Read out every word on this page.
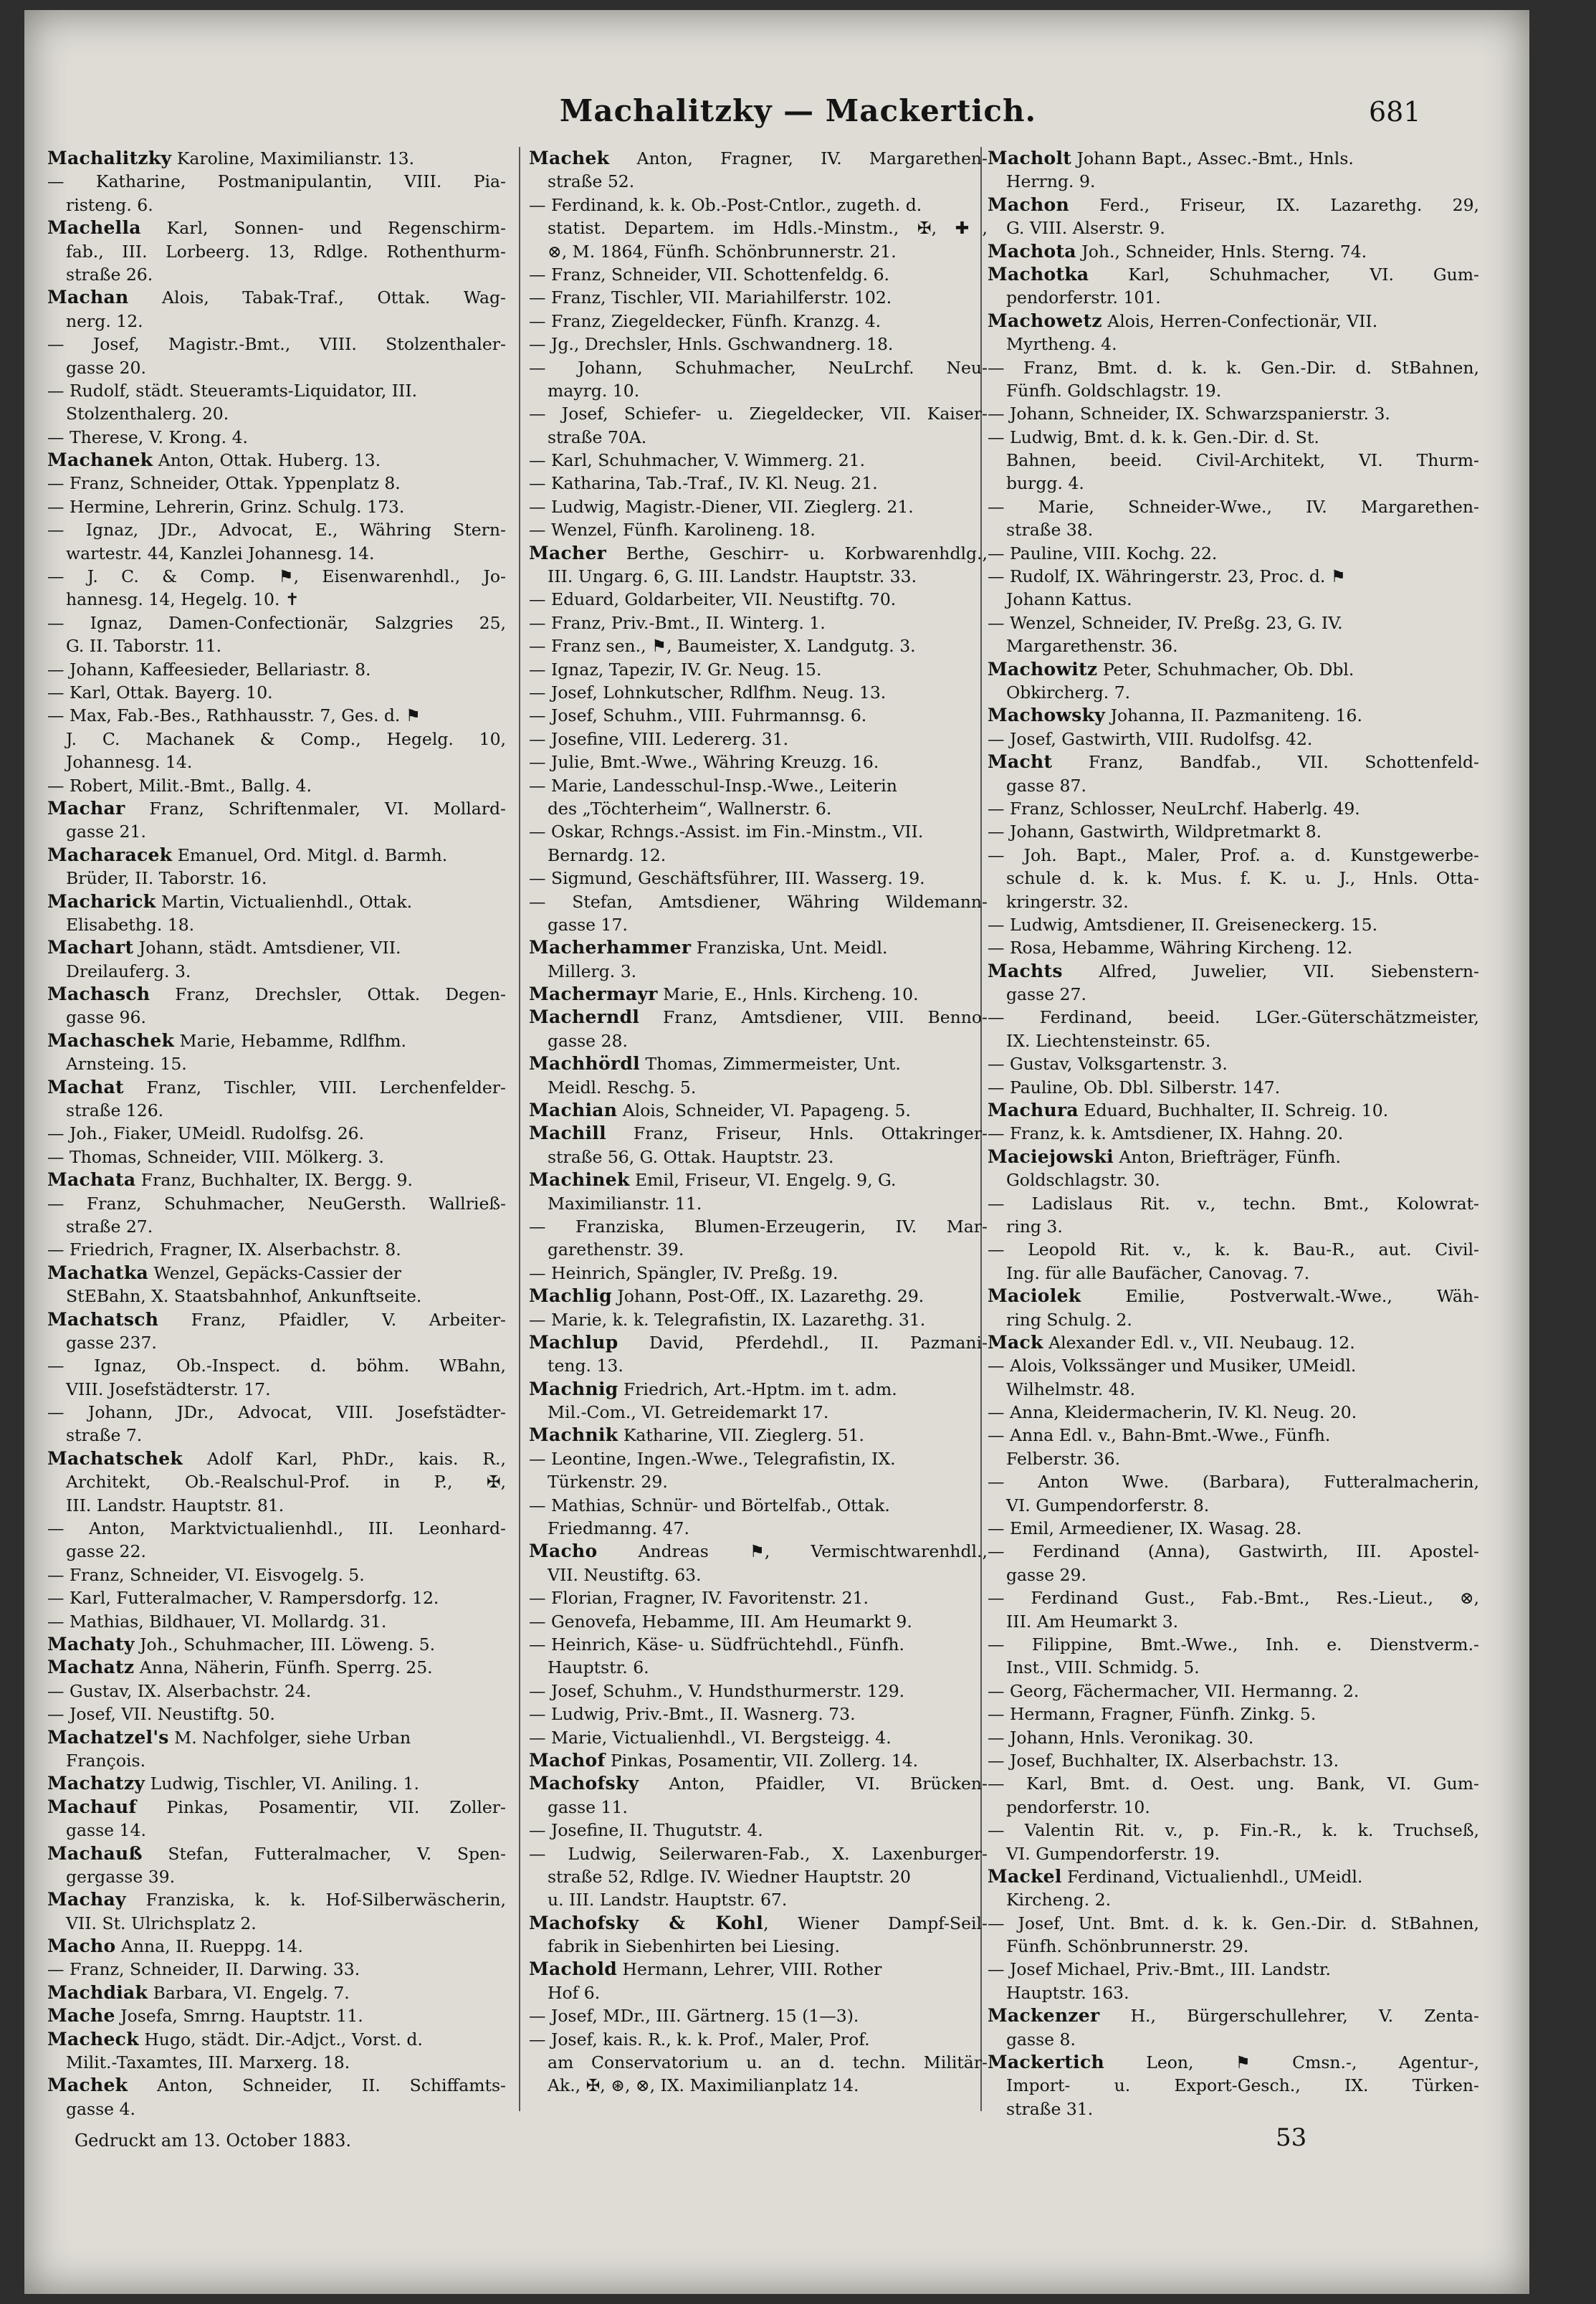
Machalitzky — Mackertich.	681
Machalitzky Karoline, Maximilianstr. 13.
— Katharine, Postmanipulantin, VIII. Pia-
risteng. 6.
Machella Karl, Sonnen- und Regenschirm-
fab., III. Lorbeerg. 13, Rdlge. Rothenthurm-
straße 26.
Machan Alois, Tabak-Traf., Ottak. Wag-
nerg. 12.
— Josef, Magistr.-Bmt., VIII. Stolzenthaler-
gasse 20.
— Rudolf, städt. Steueramts-Liquidator, III.
Stolzenthalerg. 20.
— Therese, V. Krong. 4.
Machanek Anton, Ottak. Huberg. 13.
— Franz, Schneider, Ottak. Yppenplatz 8.
— Hermine, Lehrerin, Grinz. Schulg. 173.
— Ignaz, JDr., Advocat, E., Währing Stern-
wartestr. 44, Kanzlei Johannesg. 14.
— J. C. & Comp. ⚑, Eisenwarenhdl., Jo-
hannesg. 14, Hegelg. 10. ✝
— Ignaz, Damen-Confectionär, Salzgries 25,
G. II. Taborstr. 11.
— Johann, Kaffeesieder, Bellariastr. 8.
— Karl, Ottak. Bayerg. 10.
— Max, Fab.-Bes., Rathhausstr. 7, Ges. d. ⚑
J. C. Machanek & Comp., Hegelg. 10,
Johannesg. 14.
— Robert, Milit.-Bmt., Ballg. 4.
Machar Franz, Schriftenmaler, VI. Mollard-
gasse 21.
Macharacek Emanuel, Ord. Mitgl. d. Barmh.
Brüder, II. Taborstr. 16.
Macharick Martin, Victualienhdl., Ottak.
Elisabethg. 18.
Machart Johann, städt. Amtsdiener, VII.
Dreilauferg. 3.
Machasch Franz, Drechsler, Ottak. Degen-
gasse 96.
Machaschek Marie, Hebamme, Rdlfhm.
Arnsteing. 15.
Machat Franz, Tischler, VIII. Lerchenfelder-
straße 126.
— Joh., Fiaker, UMeidl. Rudolfsg. 26.
— Thomas, Schneider, VIII. Mölkerg. 3.
Machata Franz, Buchhalter, IX. Bergg. 9.
— Franz, Schuhmacher, NeuGersth. Wallrieß-
straße 27.
— Friedrich, Fragner, IX. Alserbachstr. 8.
Machatka Wenzel, Gepäcks-Cassier der
StEBahn, X. Staatsbahnhof, Ankunftseite.
Machatsch Franz, Pfaidler, V. Arbeiter-
gasse 237.
— Ignaz, Ob.-Inspect. d. böhm. WBahn,
VIII. Josefstädterstr. 17.
— Johann, JDr., Advocat, VIII. Josefstädter-
straße 7.
Machatschek Adolf Karl, PhDr., kais. R.,
Architekt, Ob.-Realschul-Prof. in P., ✠,
III. Landstr. Hauptstr. 81.
— Anton, Marktvictualienhdl., III. Leonhard-
gasse 22.
— Franz, Schneider, VI. Eisvogelg. 5.
— Karl, Futteralmacher, V. Rampersdorfg. 12.
— Mathias, Bildhauer, VI. Mollardg. 31.
Machaty Joh., Schuhmacher, III. Löweng. 5.
Machatz Anna, Näherin, Fünfh. Sperrg. 25.
— Gustav, IX. Alserbachstr. 24.
— Josef, VII. Neustiftg. 50.
Machatzel's M. Nachfolger, siehe Urban
François.
Machatzy Ludwig, Tischler, VI. Aniling. 1.
Machauf Pinkas, Posamentir, VII. Zoller-
gasse 14.
Machauß Stefan, Futteralmacher, V. Spen-
gergasse 39.
Machay Franziska, k. k. Hof-Silberwäscherin,
VII. St. Ulrichsplatz 2.
Macho Anna, II. Rueppg. 14.
— Franz, Schneider, II. Darwing. 33.
Machdiak Barbara, VI. Engelg. 7.
Mache Josefa, Smrng. Hauptstr. 11.
Macheck Hugo, städt. Dir.-Adjct., Vorst. d.
Milit.-Taxamtes, III. Marxerg. 18.
Machek Anton, Schneider, II. Schiffamts-
gasse 4.
Machek Anton, Fragner, IV. Margarethen-
straße 52.
— Ferdinand, k. k. Ob.-Post-Cntlor., zugeth. d.
statist. Departem. im Hdls.-Minstm., ✠, ✚,
⊗, M. 1864, Fünfh. Schönbrunnerstr. 21.
— Franz, Schneider, VII. Schottenfeldg. 6.
— Franz, Tischler, VII. Mariahilferstr. 102.
— Franz, Ziegeldecker, Fünfh. Kranzg. 4.
— Jg., Drechsler, Hnls. Gschwandnerg. 18.
— Johann, Schuhmacher, NeuLrchf. Neu-
mayrg. 10.
— Josef, Schiefer- u. Ziegeldecker, VII. Kaiser-
straße 70A.
— Karl, Schuhmacher, V. Wimmerg. 21.
— Katharina, Tab.-Traf., IV. Kl. Neug. 21.
— Ludwig, Magistr.-Diener, VII. Zieglerg. 21.
— Wenzel, Fünfh. Karolineng. 18.
Macher Berthe, Geschirr- u. Korbwarenhdlg.,
III. Ungarg. 6, G. III. Landstr. Hauptstr. 33.
— Eduard, Goldarbeiter, VII. Neustiftg. 70.
— Franz, Priv.-Bmt., II. Winterg. 1.
— Franz sen., ⚑, Baumeister, X. Landgutg. 3.
— Ignaz, Tapezir, IV. Gr. Neug. 15.
— Josef, Lohnkutscher, Rdlfhm. Neug. 13.
— Josef, Schuhm., VIII. Fuhrmannsg. 6.
— Josefine, VIII. Ledererg. 31.
— Julie, Bmt.-Wwe., Währing Kreuzg. 16.
— Marie, Landesschul-Insp.-Wwe., Leiterin
des „Töchterheim“, Wallnerstr. 6.
— Oskar, Rchngs.-Assist. im Fin.-Minstm., VII.
Bernardg. 12.
— Sigmund, Geschäftsführer, III. Wasserg. 19.
— Stefan, Amtsdiener, Währing Wildemann-
gasse 17.
Macherhammer Franziska, Unt. Meidl.
Millerg. 3.
Machermayr Marie, E., Hnls. Kircheng. 10.
Macherndl Franz, Amtsdiener, VIII. Benno-
gasse 28.
Machhördl Thomas, Zimmermeister, Unt.
Meidl. Reschg. 5.
Machian Alois, Schneider, VI. Papageng. 5.
Machill Franz, Friseur, Hnls. Ottakringer-
straße 56, G. Ottak. Hauptstr. 23.
Machinek Emil, Friseur, VI. Engelg. 9, G.
Maximilianstr. 11.
— Franziska, Blumen-Erzeugerin, IV. Mar-
garethenstr. 39.
— Heinrich, Spängler, IV. Preßg. 19.
Machlig Johann, Post-Off., IX. Lazarethg. 29.
— Marie, k. k. Telegrafistin, IX. Lazarethg. 31.
Machlup David, Pferdehdl., II. Pazmani-
teng. 13.
Machnig Friedrich, Art.-Hptm. im t. adm.
Mil.-Com., VI. Getreidemarkt 17.
Machnik Katharine, VII. Zieglerg. 51.
— Leontine, Ingen.-Wwe., Telegrafistin, IX.
Türkenstr. 29.
— Mathias, Schnür- und Börtelfab., Ottak.
Friedmanng. 47.
Macho Andreas ⚑, Vermischtwarenhdl.,
VII. Neustiftg. 63.
— Florian, Fragner, IV. Favoritenstr. 21.
— Genovefa, Hebamme, III. Am Heumarkt 9.
— Heinrich, Käse- u. Südfrüchtehdl., Fünfh.
Hauptstr. 6.
— Josef, Schuhm., V. Hundsthurmerstr. 129.
— Ludwig, Priv.-Bmt., II. Wasnerg. 73.
— Marie, Victualienhdl., VI. Bergsteigg. 4.
Machof Pinkas, Posamentir, VII. Zollerg. 14.
Machofsky Anton, Pfaidler, VI. Brücken-
gasse 11.
— Josefine, II. Thugutstr. 4.
— Ludwig, Seilerwaren-Fab., X. Laxenburger-
straße 52, Rdlge. IV. Wiedner Hauptstr. 20
u. III. Landstr. Hauptstr. 67.
Machofsky & Kohl, Wiener Dampf-Seil-
fabrik in Siebenhirten bei Liesing.
Machold Hermann, Lehrer, VIII. Rother
Hof 6.
— Josef, MDr., III. Gärtnerg. 15 (1—3).
— Josef, kais. R., k. k. Prof., Maler, Prof.
am Conservatorium u. an d. techn. Militär-
Ak., ✠, ⊛, ⊗, IX. Maximilianplatz 14.
Macholt Johann Bapt., Assec.-Bmt., Hnls.
Herrng. 9.
Machon Ferd., Friseur, IX. Lazarethg. 29,
G. VIII. Alserstr. 9.
Machota Joh., Schneider, Hnls. Sterng. 74.
Machotka Karl, Schuhmacher, VI. Gum-
pendorferstr. 101.
Machowetz Alois, Herren-Confectionär, VII.
Myrtheng. 4.
— Franz, Bmt. d. k. k. Gen.-Dir. d. StBahnen,
Fünfh. Goldschlagstr. 19.
— Johann, Schneider, IX. Schwarzspanierstr. 3.
— Ludwig, Bmt. d. k. k. Gen.-Dir. d. St.
Bahnen, beeid. Civil-Architekt, VI. Thurm-
burgg. 4.
— Marie, Schneider-Wwe., IV. Margarethen-
straße 38.
— Pauline, VIII. Kochg. 22.
— Rudolf, IX. Währingerstr. 23, Proc. d. ⚑
Johann Kattus.
— Wenzel, Schneider, IV. Preßg. 23, G. IV.
Margarethenstr. 36.
Machowitz Peter, Schuhmacher, Ob. Dbl.
Obkircherg. 7.
Machowsky Johanna, II. Pazmaniteng. 16.
— Josef, Gastwirth, VIII. Rudolfsg. 42.
Macht Franz, Bandfab., VII. Schottenfeld-
gasse 87.
— Franz, Schlosser, NeuLrchf. Haberlg. 49.
— Johann, Gastwirth, Wildpretmarkt 8.
— Joh. Bapt., Maler, Prof. a. d. Kunstgewerbe-
schule d. k. k. Mus. f. K. u. J., Hnls. Otta-
kringerstr. 32.
— Ludwig, Amtsdiener, II. Greiseneckerg. 15.
— Rosa, Hebamme, Währing Kircheng. 12.
Machts Alfred, Juwelier, VII. Siebenstern-
gasse 27.
— Ferdinand, beeid. LGer.-Güterschätzmeister,
IX. Liechtensteinstr. 65.
— Gustav, Volksgartenstr. 3.
— Pauline, Ob. Dbl. Silberstr. 147.
Machura Eduard, Buchhalter, II. Schreig. 10.
— Franz, k. k. Amtsdiener, IX. Hahng. 20.
Maciejowski Anton, Briefträger, Fünfh.
Goldschlagstr. 30.
— Ladislaus Rit. v., techn. Bmt., Kolowrat-
ring 3.
— Leopold Rit. v., k. k. Bau-R., aut. Civil-
Ing. für alle Baufächer, Canovag. 7.
Maciolek Emilie, Postverwalt.-Wwe., Wäh-
ring Schulg. 2.
Mack Alexander Edl. v., VII. Neubaug. 12.
— Alois, Volkssänger und Musiker, UMeidl.
Wilhelmstr. 48.
— Anna, Kleidermacherin, IV. Kl. Neug. 20.
— Anna Edl. v., Bahn-Bmt.-Wwe., Fünfh.
Felberstr. 36.
— Anton Wwe. (Barbara), Futteralmacherin,
VI. Gumpendorferstr. 8.
— Emil, Armeediener, IX. Wasag. 28.
— Ferdinand (Anna), Gastwirth, III. Apostel-
gasse 29.
— Ferdinand Gust., Fab.-Bmt., Res.-Lieut., ⊗,
III. Am Heumarkt 3.
— Filippine, Bmt.-Wwe., Inh. e. Dienstverm.-
Inst., VIII. Schmidg. 5.
— Georg, Fächermacher, VII. Hermanng. 2.
— Hermann, Fragner, Fünfh. Zinkg. 5.
— Johann, Hnls. Veronikag. 30.
— Josef, Buchhalter, IX. Alserbachstr. 13.
— Karl, Bmt. d. Oest. ung. Bank, VI. Gum-
pendorferstr. 10.
— Valentin Rit. v., p. Fin.-R., k. k. Truchseß,
VI. Gumpendorferstr. 19.
Mackel Ferdinand, Victualienhdl., UMeidl.
Kircheng. 2.
— Josef, Unt. Bmt. d. k. k. Gen.-Dir. d. StBahnen,
Fünfh. Schönbrunnerstr. 29.
— Josef Michael, Priv.-Bmt., III. Landstr.
Hauptstr. 163.
Mackenzer H., Bürgerschullehrer, V. Zenta-
gasse 8.
Mackertich Leon, ⚑ Cmsn.-, Agentur-,
Import- u. Export-Gesch., IX. Türken-
straße 31.
Gedruckt am 13. October 1883.	53
